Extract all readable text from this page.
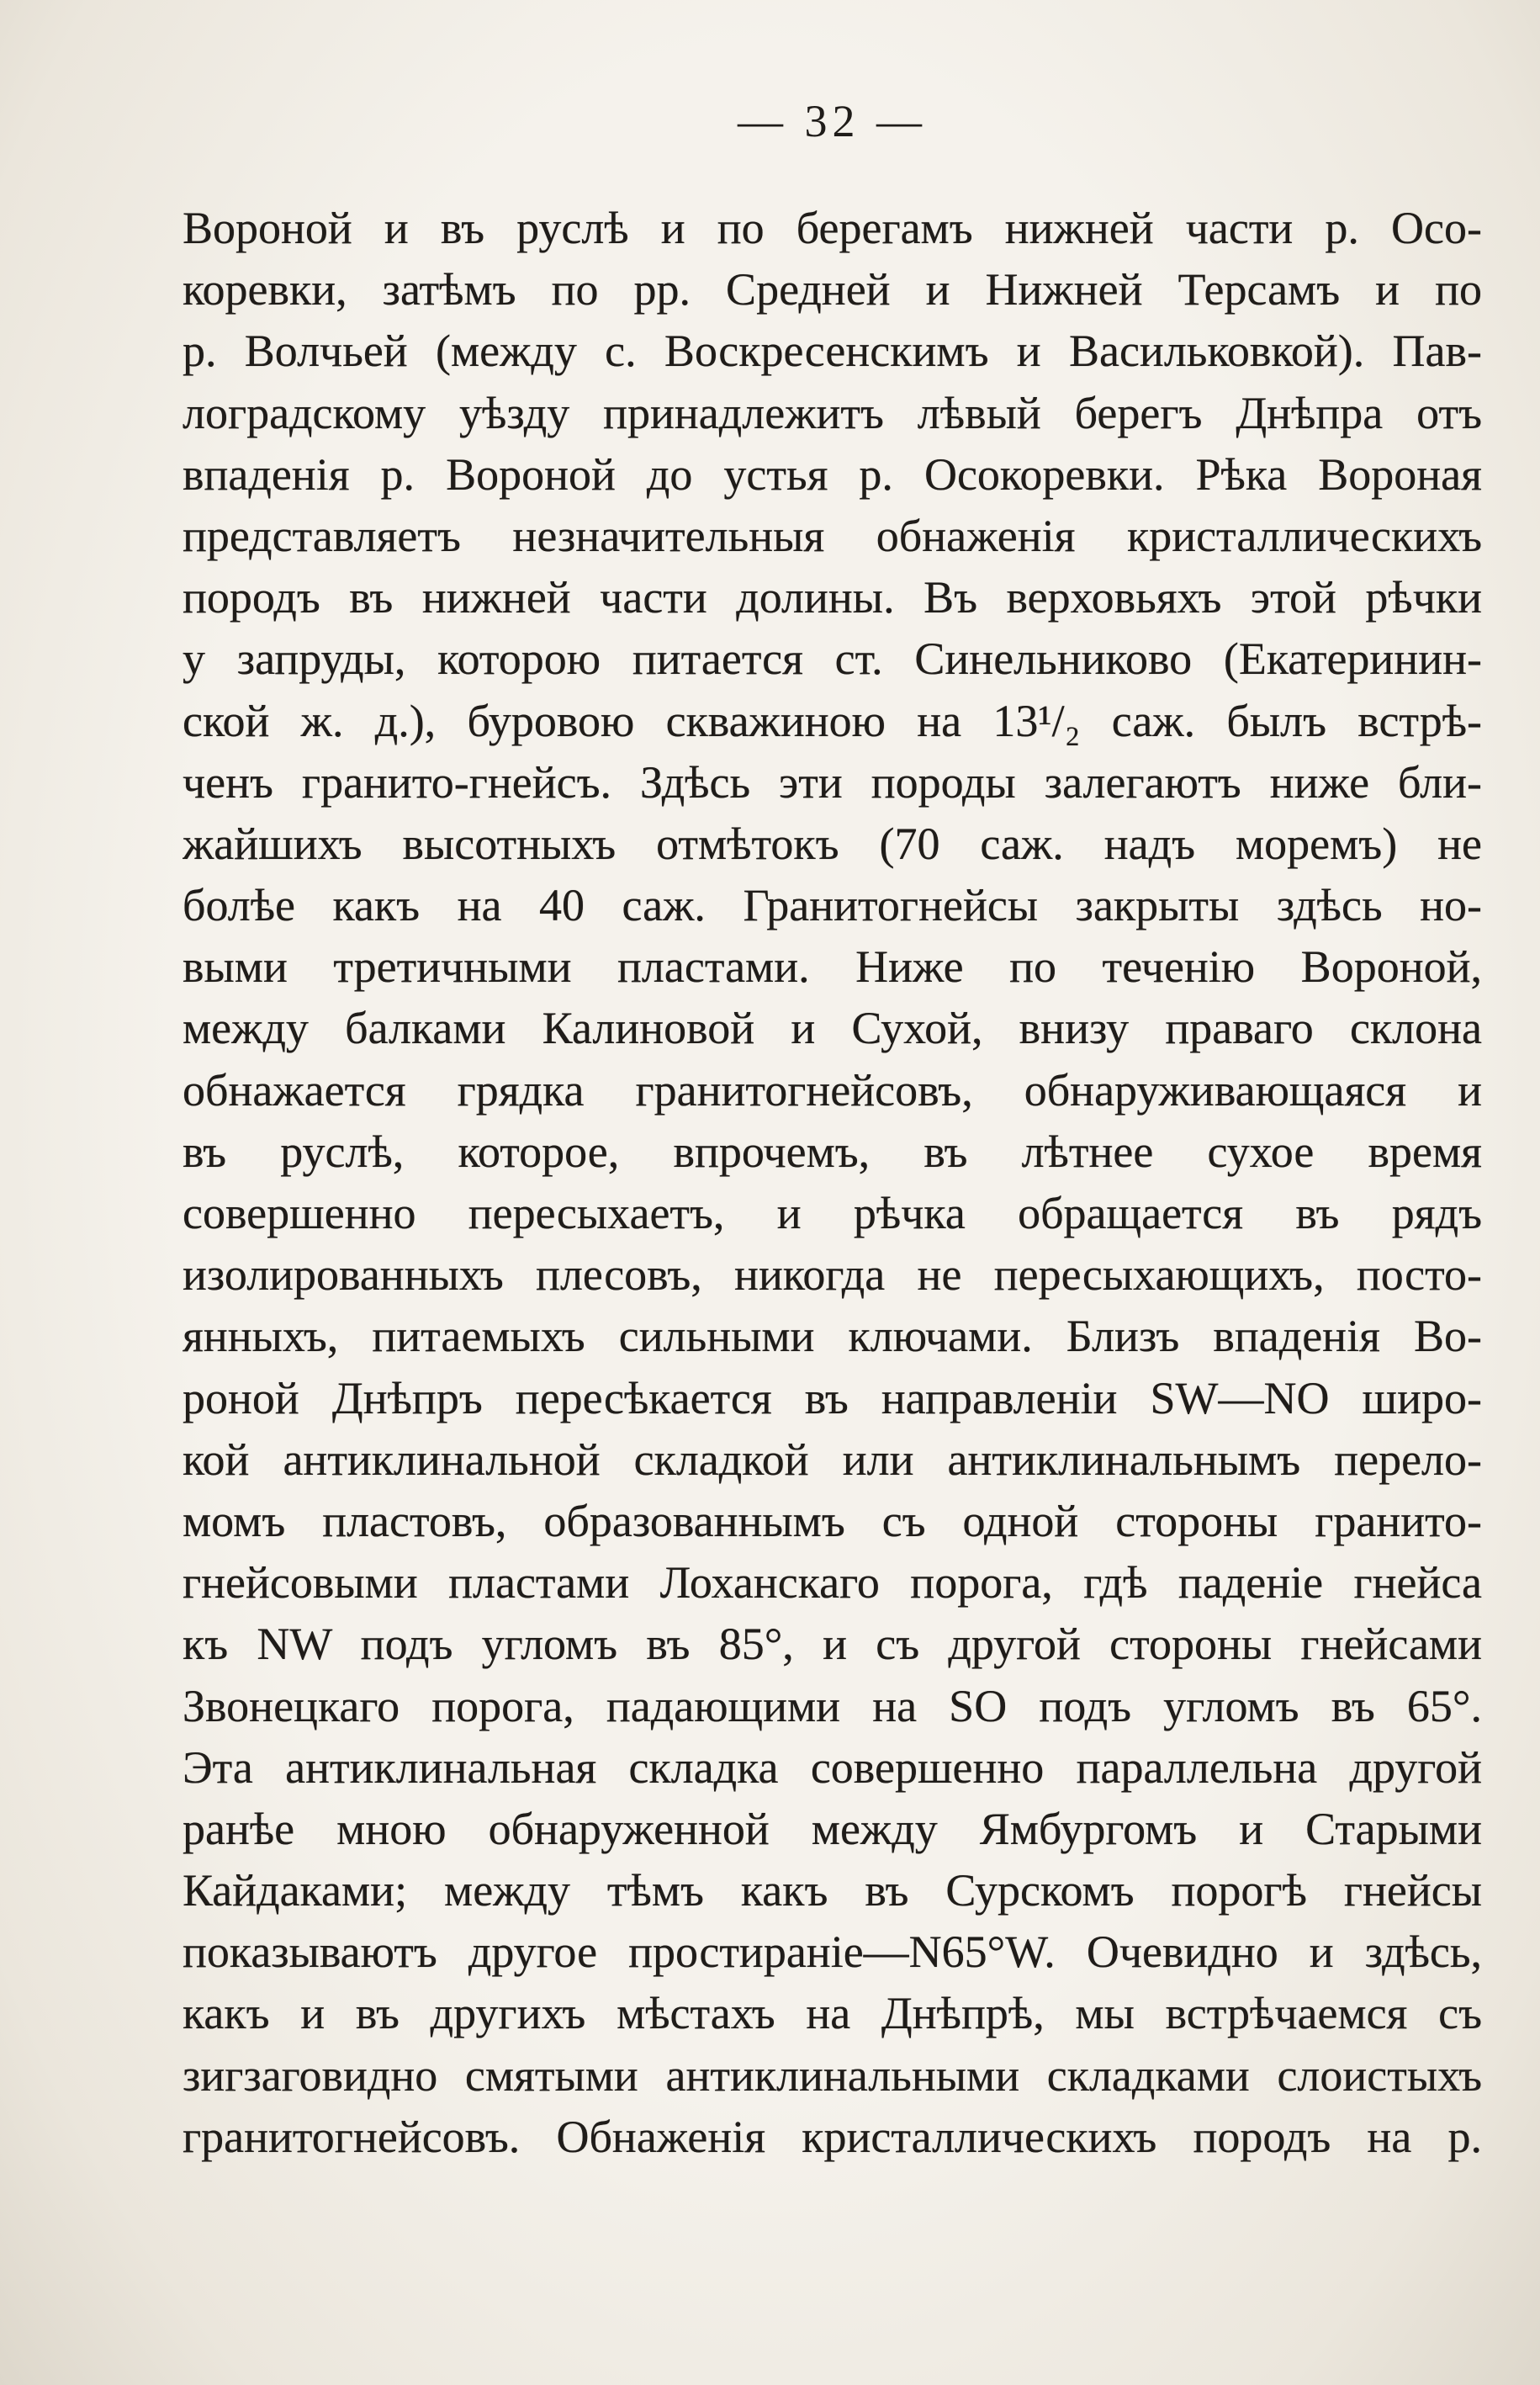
— 32 —
Вороной и въ руслѣ и по берегамъ нижней части р. Осо-
коревки, затѣмъ по рр. Средней и Нижней Терсамъ и по
р. Волчьей (между с. Воскресенскимъ и Васильковкой). Пав-
лоградскому уѣзду принадлежитъ лѣвый берегъ Днѣпра отъ
впаденія р. Вороной до устья р. Осокоревки. Рѣка Вороная
представляетъ незначительныя обнаженія кристаллическихъ
породъ въ нижней части долины. Въ верховьяхъ этой рѣчки
у запруды, которою питается ст. Синельниково (Екатеринин-
ской ж. д.), буровою скважиною на 13¹/₂ саж. былъ встрѣ-
ченъ гранито-гнейсъ. Здѣсь эти породы залегаютъ ниже бли-
жайшихъ высотныхъ отмѣтокъ (70 саж. надъ моремъ) не
болѣе какъ на 40 саж. Гранитогнейсы закрыты здѣсь но-
выми третичными пластами. Ниже по теченію Вороной,
между балками Калиновой и Сухой, внизу праваго склона
обнажается грядка гранитогнейсовъ, обнаруживающаяся и
въ руслѣ, которое, впрочемъ, въ лѣтнее сухое время
совершенно пересыхаетъ, и рѣчка обращается въ рядъ
изолированныхъ плесовъ, никогда не пересыхающихъ, посто-
янныхъ, питаемыхъ сильными ключами. Близъ впаденія Во-
роной Днѣпръ пересѣкается въ направленіи SW—NO широ-
кой антиклинальной складкой или антиклинальнымъ перело-
момъ пластовъ, образованнымъ съ одной стороны гранито-
гнейсовыми пластами Лоханскаго порога, гдѣ паденіе гнейса
къ NW подъ угломъ въ 85°, и съ другой стороны гнейсами
Звонецкаго порога, падающими на SO подъ угломъ въ 65°.
Эта антиклинальная складка совершенно параллельна другой
ранѣе мною обнаруженной между Ямбургомъ и Старыми
Кайдаками; между тѣмъ какъ въ Сурскомъ порогѣ гнейсы
показываютъ другое простираніе—N65°W. Очевидно и здѣсь,
какъ и въ другихъ мѣстахъ на Днѣпрѣ, мы встрѣчаемся съ
зигзаговидно смятыми антиклинальными складками слоистыхъ
гранитогнейсовъ. Обнаженія кристаллическихъ породъ на р.
